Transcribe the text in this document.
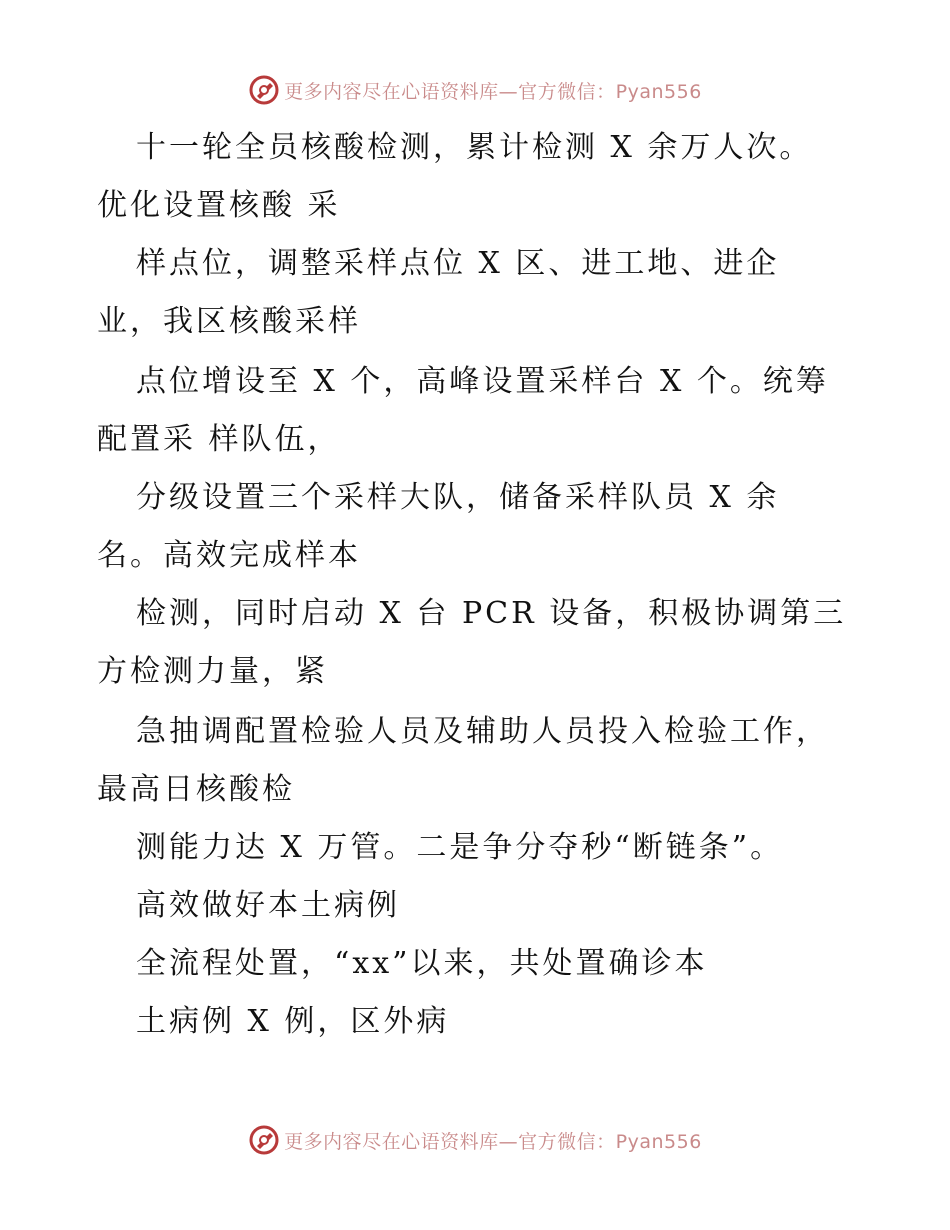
更多内容尽在心语资料库—官方微信：Pyan556
十一轮全员核酸检测，累计检测 X 余万人次。
优化设置核酸 采
样点位，调整采样点位 X 区、进工地、进企
业，我区核酸采样
点位增设至 X 个，高峰设置采样台 X 个。统筹
配置采 样队伍，
分级设置三个采样大队，储备采样队员 X 余
名。高效完成样本
检测，同时启动 X 台 PCR 设备，积极协调第三
方检测力量，紧
急抽调配置检验人员及辅助人员投入检验工作，
最高日核酸检
测能力达 X 万管。二是争分夺秒“断链条”。
高效做好本土病例
全流程处置，“xx”以来，共处置确诊本
土病例 X 例，区外病
更多内容尽在心语资料库—官方微信：Pyan556
